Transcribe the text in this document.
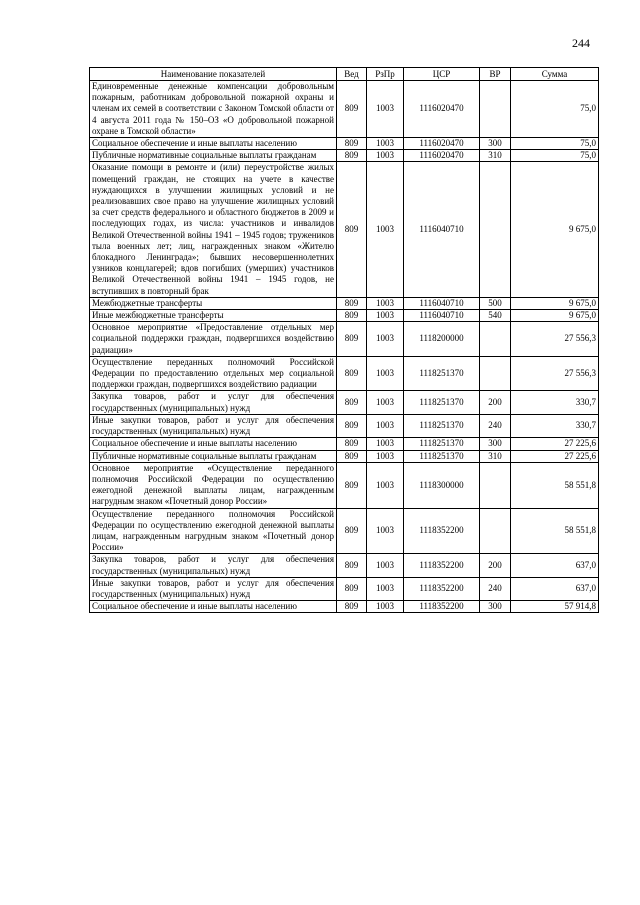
244
Наименование показателей	Вед	РзПр	ЦСР	ВР	Сумма
Единовременные денежные компенсации добровольным пожарным, работникам добровольной пожарной охраны и членам их семей в соответствии с Законом Томской области от 4 августа 2011 года № 150–ОЗ «О добровольной пожарной охране в Томской области»	809	1003	1116020470		75,0
Социальное обеспечение и иные выплаты населению	809	1003	1116020470	300	75,0
Публичные нормативные социальные выплаты гражданам	809	1003	1116020470	310	75,0
Оказание помощи в ремонте и (или) переустройстве жилых помещений граждан, не стоящих на учете в качестве нуждающихся в улучшении жилищных условий и не реализовавших свое право на улучшение жилищных условий за счет средств федерального и областного бюджетов в 2009 и последующих годах, из числа: участников и инвалидов Великой Отечественной войны 1941 – 1945 годов; тружеников тыла военных лет; лиц, награжденных знаком «Жителю блокадного Ленинграда»; бывших несовершеннолетних узников концлагерей; вдов погибших (умерших) участников Великой Отечественной войны 1941 – 1945 годов, не вступивших в повторный брак	809	1003	1116040710		9 675,0
Межбюджетные трансферты	809	1003	1116040710	500	9 675,0
Иные межбюджетные трансферты	809	1003	1116040710	540	9 675,0
Основное мероприятие «Предоставление отдельных мер социальной поддержки граждан, подвергшихся воздействию радиации»	809	1003	1118200000		27 556,3
Осуществление переданных полномочий Российской Федерации по предоставлению отдельных мер социальной поддержки граждан, подвергшихся воздействию радиации	809	1003	1118251370		27 556,3
Закупка товаров, работ и услуг для обеспечения государственных (муниципальных) нужд	809	1003	1118251370	200	330,7
Иные закупки товаров, работ и услуг для обеспечения государственных (муниципальных) нужд	809	1003	1118251370	240	330,7
Социальное обеспечение и иные выплаты населению	809	1003	1118251370	300	27 225,6
Публичные нормативные социальные выплаты гражданам	809	1003	1118251370	310	27 225,6
Основное мероприятие «Осуществление переданного полномочия Российской Федерации по осуществлению ежегодной денежной выплаты лицам, награжденным нагрудным знаком «Почетный донор России»	809	1003	1118300000		58 551,8
Осуществление переданного полномочия Российской Федерации по осуществлению ежегодной денежной выплаты лицам, награжденным нагрудным знаком «Почетный донор России»	809	1003	1118352200		58 551,8
Закупка товаров, работ и услуг для обеспечения государственных (муниципальных) нужд	809	1003	1118352200	200	637,0
Иные закупки товаров, работ и услуг для обеспечения государственных (муниципальных) нужд	809	1003	1118352200	240	637,0
Социальное обеспечение и иные выплаты населению	809	1003	1118352200	300	57 914,8
